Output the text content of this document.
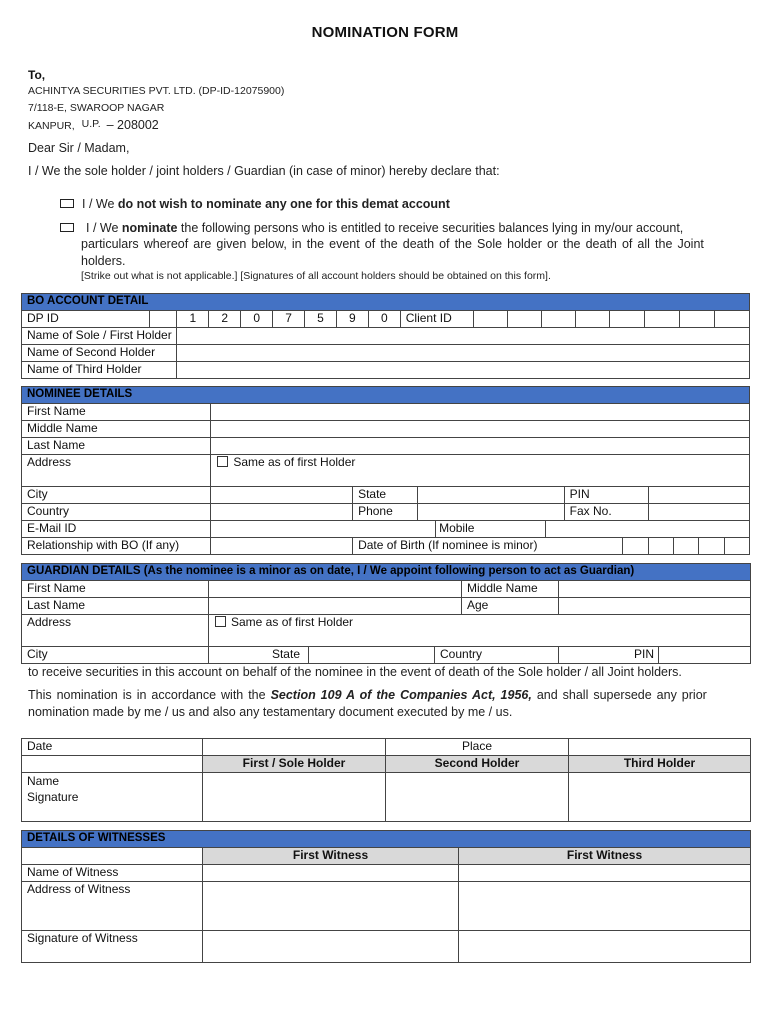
NOMINATION FORM
To,
ACHINTYA SECURITIES PVT. LTD. (DP-ID-12075900)
7/118-E, SWAROOP NAGAR
KANPUR, U.P. – 208002
Dear Sir / Madam,
I / We the sole holder / joint holders / Guardian (in case of minor) hereby declare that:
I / We do not wish to nominate any one for this demat account
I / We nominate the following persons who is entitled to receive securities balances lying in my/our account,
particulars whereof are given below, in the event of the death of the Sole holder or the death of all the Joint
holders.
[Strike out what is not applicable.] [Signatures of all account holders should be obtained on this form].
BO ACCOUNT DETAIL																	
DP ID		1	2	0	7	5	9	0	Client ID								
Name of Sole / First Holder																	
Name of Second Holder																	
Name of Third Holder																	
NOMINEE DETAILS											
First Name											
Middle Name											
Last Name											
Address	Same as of first Holder										
City		State				PIN					
Country		Phone				Fax No.					
E-Mail ID				Mobile							
Relationship with BO (If any)		Date of Birth (If nominee is minor)									
GUARDIAN DETAILS (As the nominee is a minor as on date, I / We appoint following person to act as Guardian)						
First Name				Middle Name		
Last Name				Age		
Address	Same as of first Holder					
City	State		Country		PIN	
to receive securities in this account on behalf of the nominee in the event of death of the Sole holder / all Joint holders.
This nomination is in accordance with the Section 109 A of the Companies Act, 1956, and shall supersede any prior
nomination made by me / us and also any testamentary document executed by me / us.
Date		Place	
	First / Sole Holder	Second Holder	Third Holder

Name
Signature			

DETAILS OF WITNESSES		
	First Witness	First Witness
Name of Witness		
Address of Witness		
Signature of Witness		
